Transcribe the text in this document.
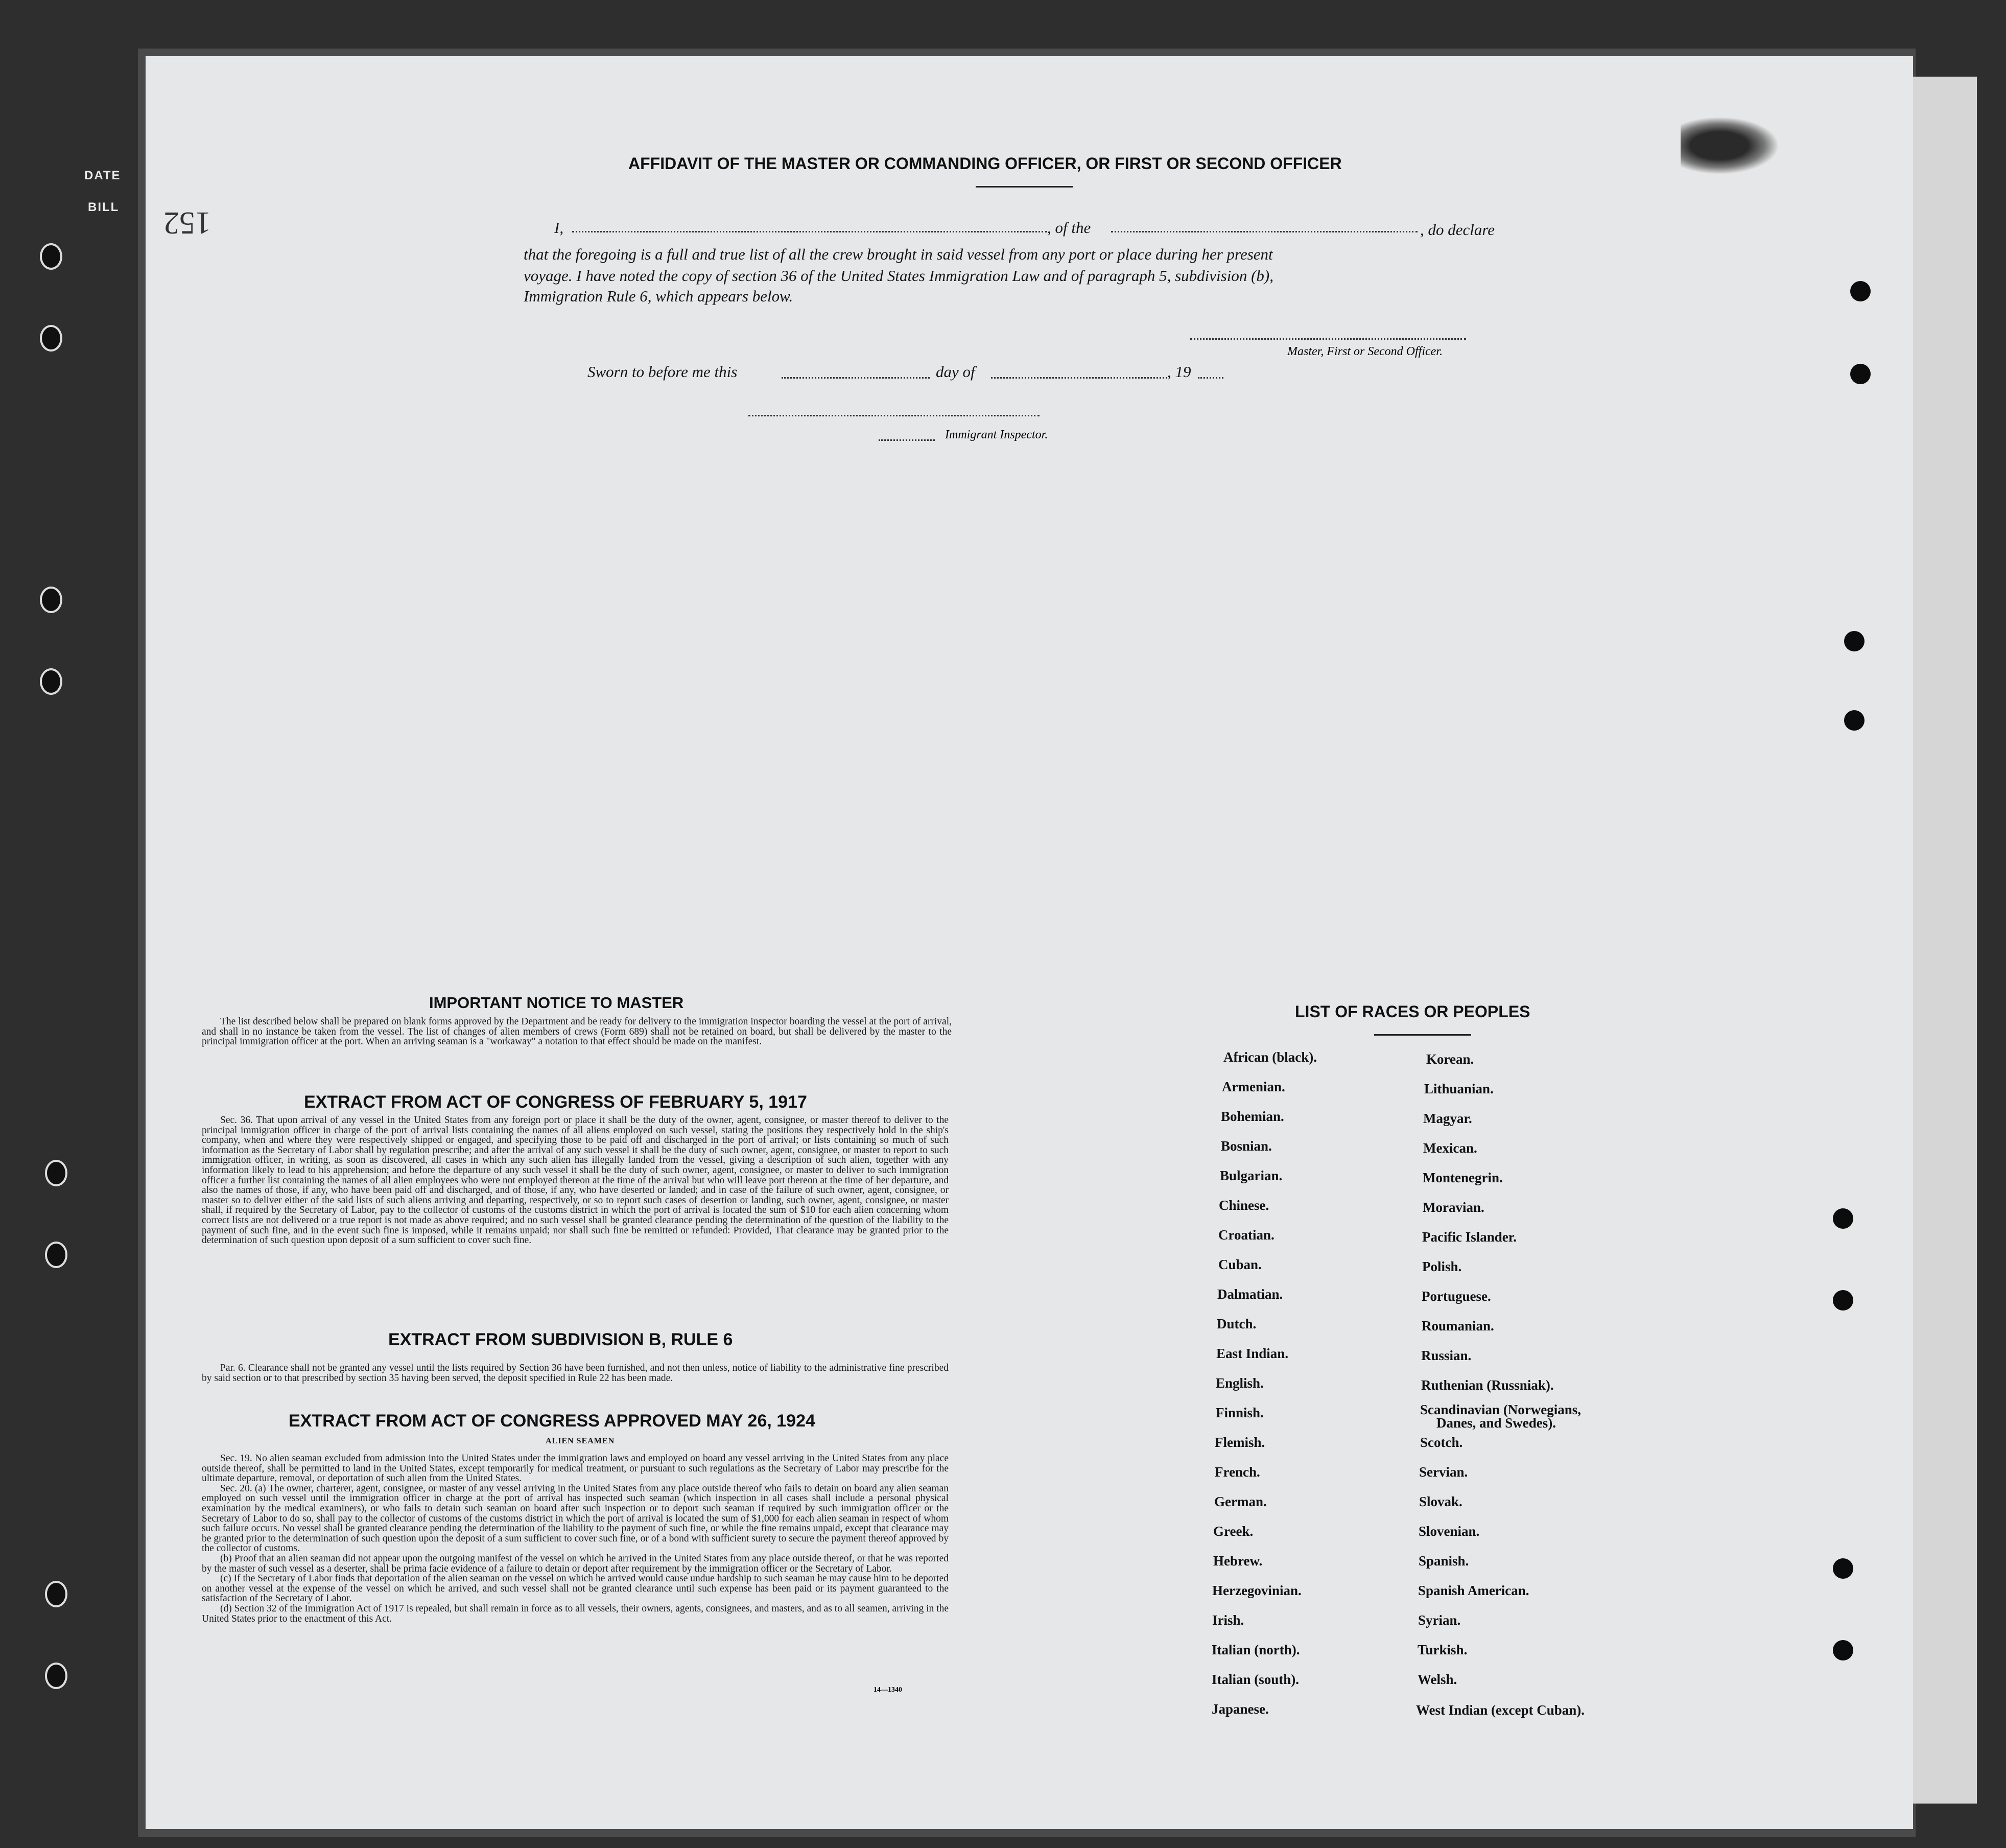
DATE
BILL 152
AFFIDAVIT OF THE MASTER OR COMMANDING OFFICER, OR FIRST OR SECOND OFFICER
I,	, of the	, do declare
that the foregoing is a full and true list of all the crew brought in said vessel from any port or place during her present
voyage. I have noted the copy of section 36 of the United States Immigration Law and of paragraph 5, subdivision (b),
Immigration Rule 6, which appears below.
Master, First or Second Officer.
Sworn to before me this	day of	, 19
Immigrant Inspector.
IMPORTANT NOTICE TO MASTER

The list described below shall be prepared on blank forms approved by the Department and be ready for delivery to the immigration inspector boarding the vessel at the port of arrival, and shall in no instance be taken from the vessel. The list of changes of alien members of crews (Form 689) shall not be retained on board, but shall be delivered by the master to the principal immigration officer at the port. When an arriving seaman is a "workaway" a notation to that effect should be made on the manifest.

EXTRACT FROM ACT OF CONGRESS OF FEBRUARY 5, 1917

Sec. 36. That upon arrival of any vessel in the United States from any foreign port or place it shall be the duty of the owner, agent, consignee, or master thereof to deliver to the principal immigration officer in charge of the port of arrival lists containing the names of all aliens employed on such vessel, stating the positions they respectively hold in the ship's company, when and where they were respectively shipped or engaged, and specifying those to be paid off and discharged in the port of arrival; or lists containing so much of such information as the Secretary of Labor shall by regulation prescribe; and after the arrival of any such vessel it shall be the duty of such owner, agent, consignee, or master to report to such immigration officer, in writing, as soon as discovered, all cases in which any such alien has illegally landed from the vessel, giving a description of such alien, together with any information likely to lead to his apprehension; and before the departure of any such vessel it shall be the duty of such owner, agent, consignee, or master to deliver to such immigration officer a further list containing the names of all alien employees who were not employed thereon at the time of the arrival but who will leave port thereon at the time of her departure, and also the names of those, if any, who have been paid off and discharged, and of those, if any, who have deserted or landed; and in case of the failure of such owner, agent, consignee, or master so to deliver either of the said lists of such aliens arriving and departing, respectively, or so to report such cases of desertion or landing, such owner, agent, consignee, or master shall, if required by the Secretary of Labor, pay to the collector of customs of the customs district in which the port of arrival is located the sum of $10 for each alien concerning whom correct lists are not delivered or a true report is not made as above required; and no such vessel shall be granted clearance pending the determination of the question of the liability to the payment of such fine, and in the event such fine is imposed, while it remains unpaid; nor shall such fine be remitted or refunded: Provided, That clearance may be granted prior to the determination of such question upon deposit of a sum sufficient to cover such fine.

EXTRACT FROM SUBDIVISION B, RULE 6

Par. 6. Clearance shall not be granted any vessel until the lists required by Section 36 have been furnished, and not then unless, notice of liability to the administrative fine prescribed by said section or to that prescribed by section 35 having been served, the deposit specified in Rule 22 has been made.

EXTRACT FROM ACT OF CONGRESS APPROVED MAY 26, 1924
ALIEN SEAMEN

Sec. 19. No alien seaman excluded from admission into the United States under the immigration laws and employed on board any vessel arriving in the United States from any place outside thereof, shall be permitted to land in the United States, except temporarily for medical treatment, or pursuant to such regulations as the Secretary of Labor may prescribe for the ultimate departure, removal, or deportation of such alien from the United States.

Sec. 20. (a) The owner, charterer, agent, consignee, or master of any vessel arriving in the United States from any place outside thereof who fails to detain on board any alien seaman employed on such vessel until the immigration officer in charge at the port of arrival has inspected such seaman (which inspection in all cases shall include a personal physical examination by the medical examiners), or who fails to detain such seaman on board after such inspection or to deport such seaman if required by such immigration officer or the Secretary of Labor to do so, shall pay to the collector of customs of the customs district in which the port of arrival is located the sum of $1,000 for each alien seaman in respect of whom such failure occurs. No vessel shall be granted clearance pending the determination of the liability to the payment of such fine, or while the fine remains unpaid, except that clearance may be granted prior to the determination of such question upon the deposit of a sum sufficient to cover such fine, or of a bond with sufficient surety to secure the payment thereof approved by the collector of customs.

(b) Proof that an alien seaman did not appear upon the outgoing manifest of the vessel on which he arrived in the United States from any place outside thereof, or that he was reported by the master of such vessel as a deserter, shall be prima facie evidence of a failure to detain or deport after requirement by the immigration officer or the Secretary of Labor.

(c) If the Secretary of Labor finds that deportation of the alien seaman on the vessel on which he arrived would cause undue hardship to such seaman he may cause him to be deported on another vessel at the expense of the vessel on which he arrived, and such vessel shall not be granted clearance until such expense has been paid or its payment guaranteed to the satisfaction of the Secretary of Labor.

(d) Section 32 of the Immigration Act of 1917 is repealed, but shall remain in force as to all vessels, their owners, agents, consignees, and masters, and as to all seamen, arriving in the United States prior to the enactment of this Act.

14—1340
LIST OF RACES OR PEOPLES
African (black).
Armenian.
Bohemian.
Bosnian.
Bulgarian.
Chinese.
Croatian.
Cuban.
Dalmatian.
Dutch.
East Indian.
English.
Finnish.
Flemish.
French.
German.
Greek.
Hebrew.
Herzegovinian.
Irish.
Italian (north).
Italian (south).
Japanese.
Korean.
Lithuanian.
Magyar.
Mexican.
Montenegrin.
Moravian.
Pacific Islander.
Polish.
Portuguese.
Roumanian.
Russian.
Ruthenian (Russniak).
Scandinavian (Norwegians,
Danes, and Swedes).
Scotch.
Servian.
Slovak.
Slovenian.
Spanish.
Spanish American.
Syrian.
Turkish.
Welsh.
West Indian (except Cuban).
